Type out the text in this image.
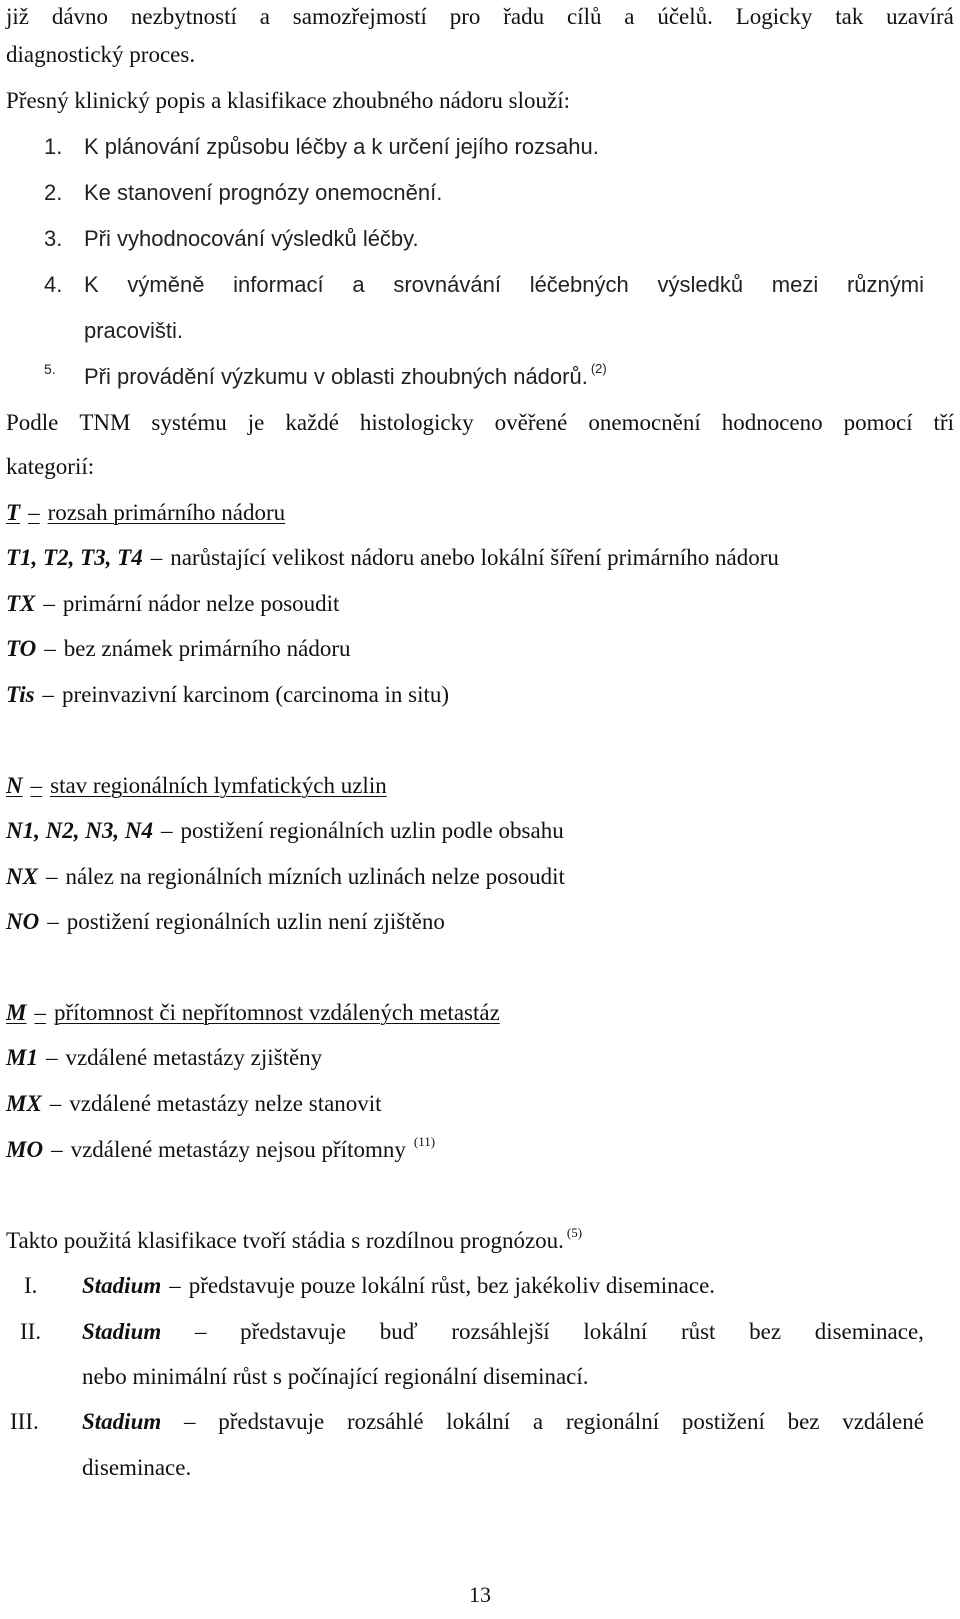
již dávno nezbytností a samozřejmostí pro řadu cílů a účelů. Logicky tak uzavírá
diagnostický proces.
Přesný klinický popis a klasifikace zhoubného nádoru slouží:
1. K plánování způsobu léčby a k určení jejího rozsahu.
2. Ke stanovení prognózy onemocnění.
3. Při vyhodnocování výsledků léčby.
4. K výměně informací a srovnávání léčebných výsledků mezi různými
pracovišti.
5. Při provádění výzkumu v oblasti zhoubných nádorů. $^{(2)}$
Podle TNM systému je každé histologicky ověřené onemocnění hodnoceno pomocí tří
kategorií:
T – rozsah primárního nádoru
T1, T2, T3, T4 – narůstající velikost nádoru anebo lokální šíření primárního nádoru
TX – primární nádor nelze posoudit
TO – bez známek primárního nádoru
Tis – preinvazivní karcinom (carcinoma in situ)
N – stav regionálních lymfatických uzlin
N1, N2, N3, N4 – postižení regionálních uzlin podle obsahu
NX – nález na regionálních mízních uzlinách nelze posoudit
NO – postižení regionálních uzlin není zjištěno
M – přítomnost či nepřítomnost vzdálených metastáz
M1 – vzdálené metastázy zjištěny
MX – vzdálené metastázy nelze stanovit
MO – vzdálené metastázy nejsou přítomny $^{(11)}$
Takto použitá klasifikace tvoří stádia s rozdílnou prognózou. $^{(5)}$
I. Stadium – představuje pouze lokální růst, bez jakékoliv diseminace.
II. Stadium – představuje buď rozsáhlejší lokální růst bez diseminace,
nebo minimální růst s počínající regionální diseminací.
III. Stadium – představuje rozsáhlé lokální a regionální postižení bez vzdálené
diseminace.
13
